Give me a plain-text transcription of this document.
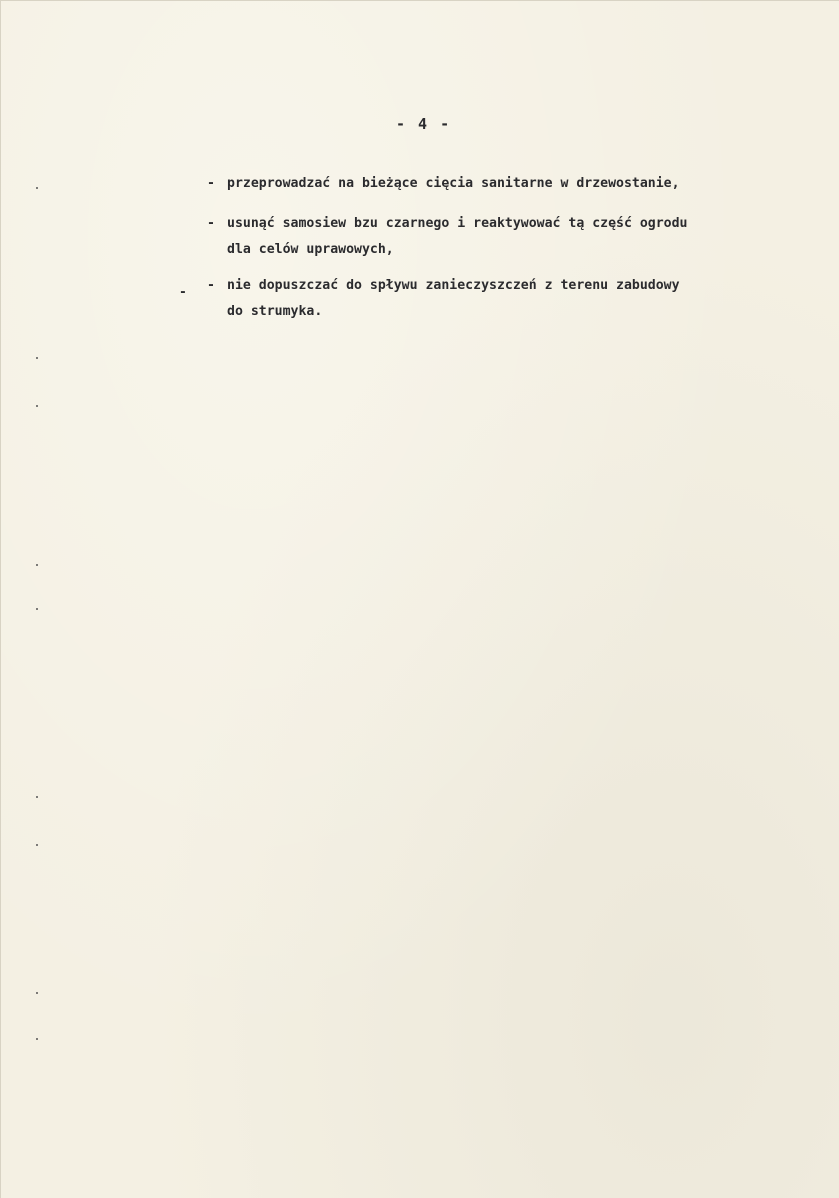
- 4 -
- przeprowadzać na bieżące cięcia sanitarne w drzewostanie,
- usunąć samosiew bzu czarnego i reaktywować tą część ogrodu
dla celów uprawowych,
- nie dopuszczać do spływu zanieczyszczeń z terenu zabudowy
do strumyka.
-
